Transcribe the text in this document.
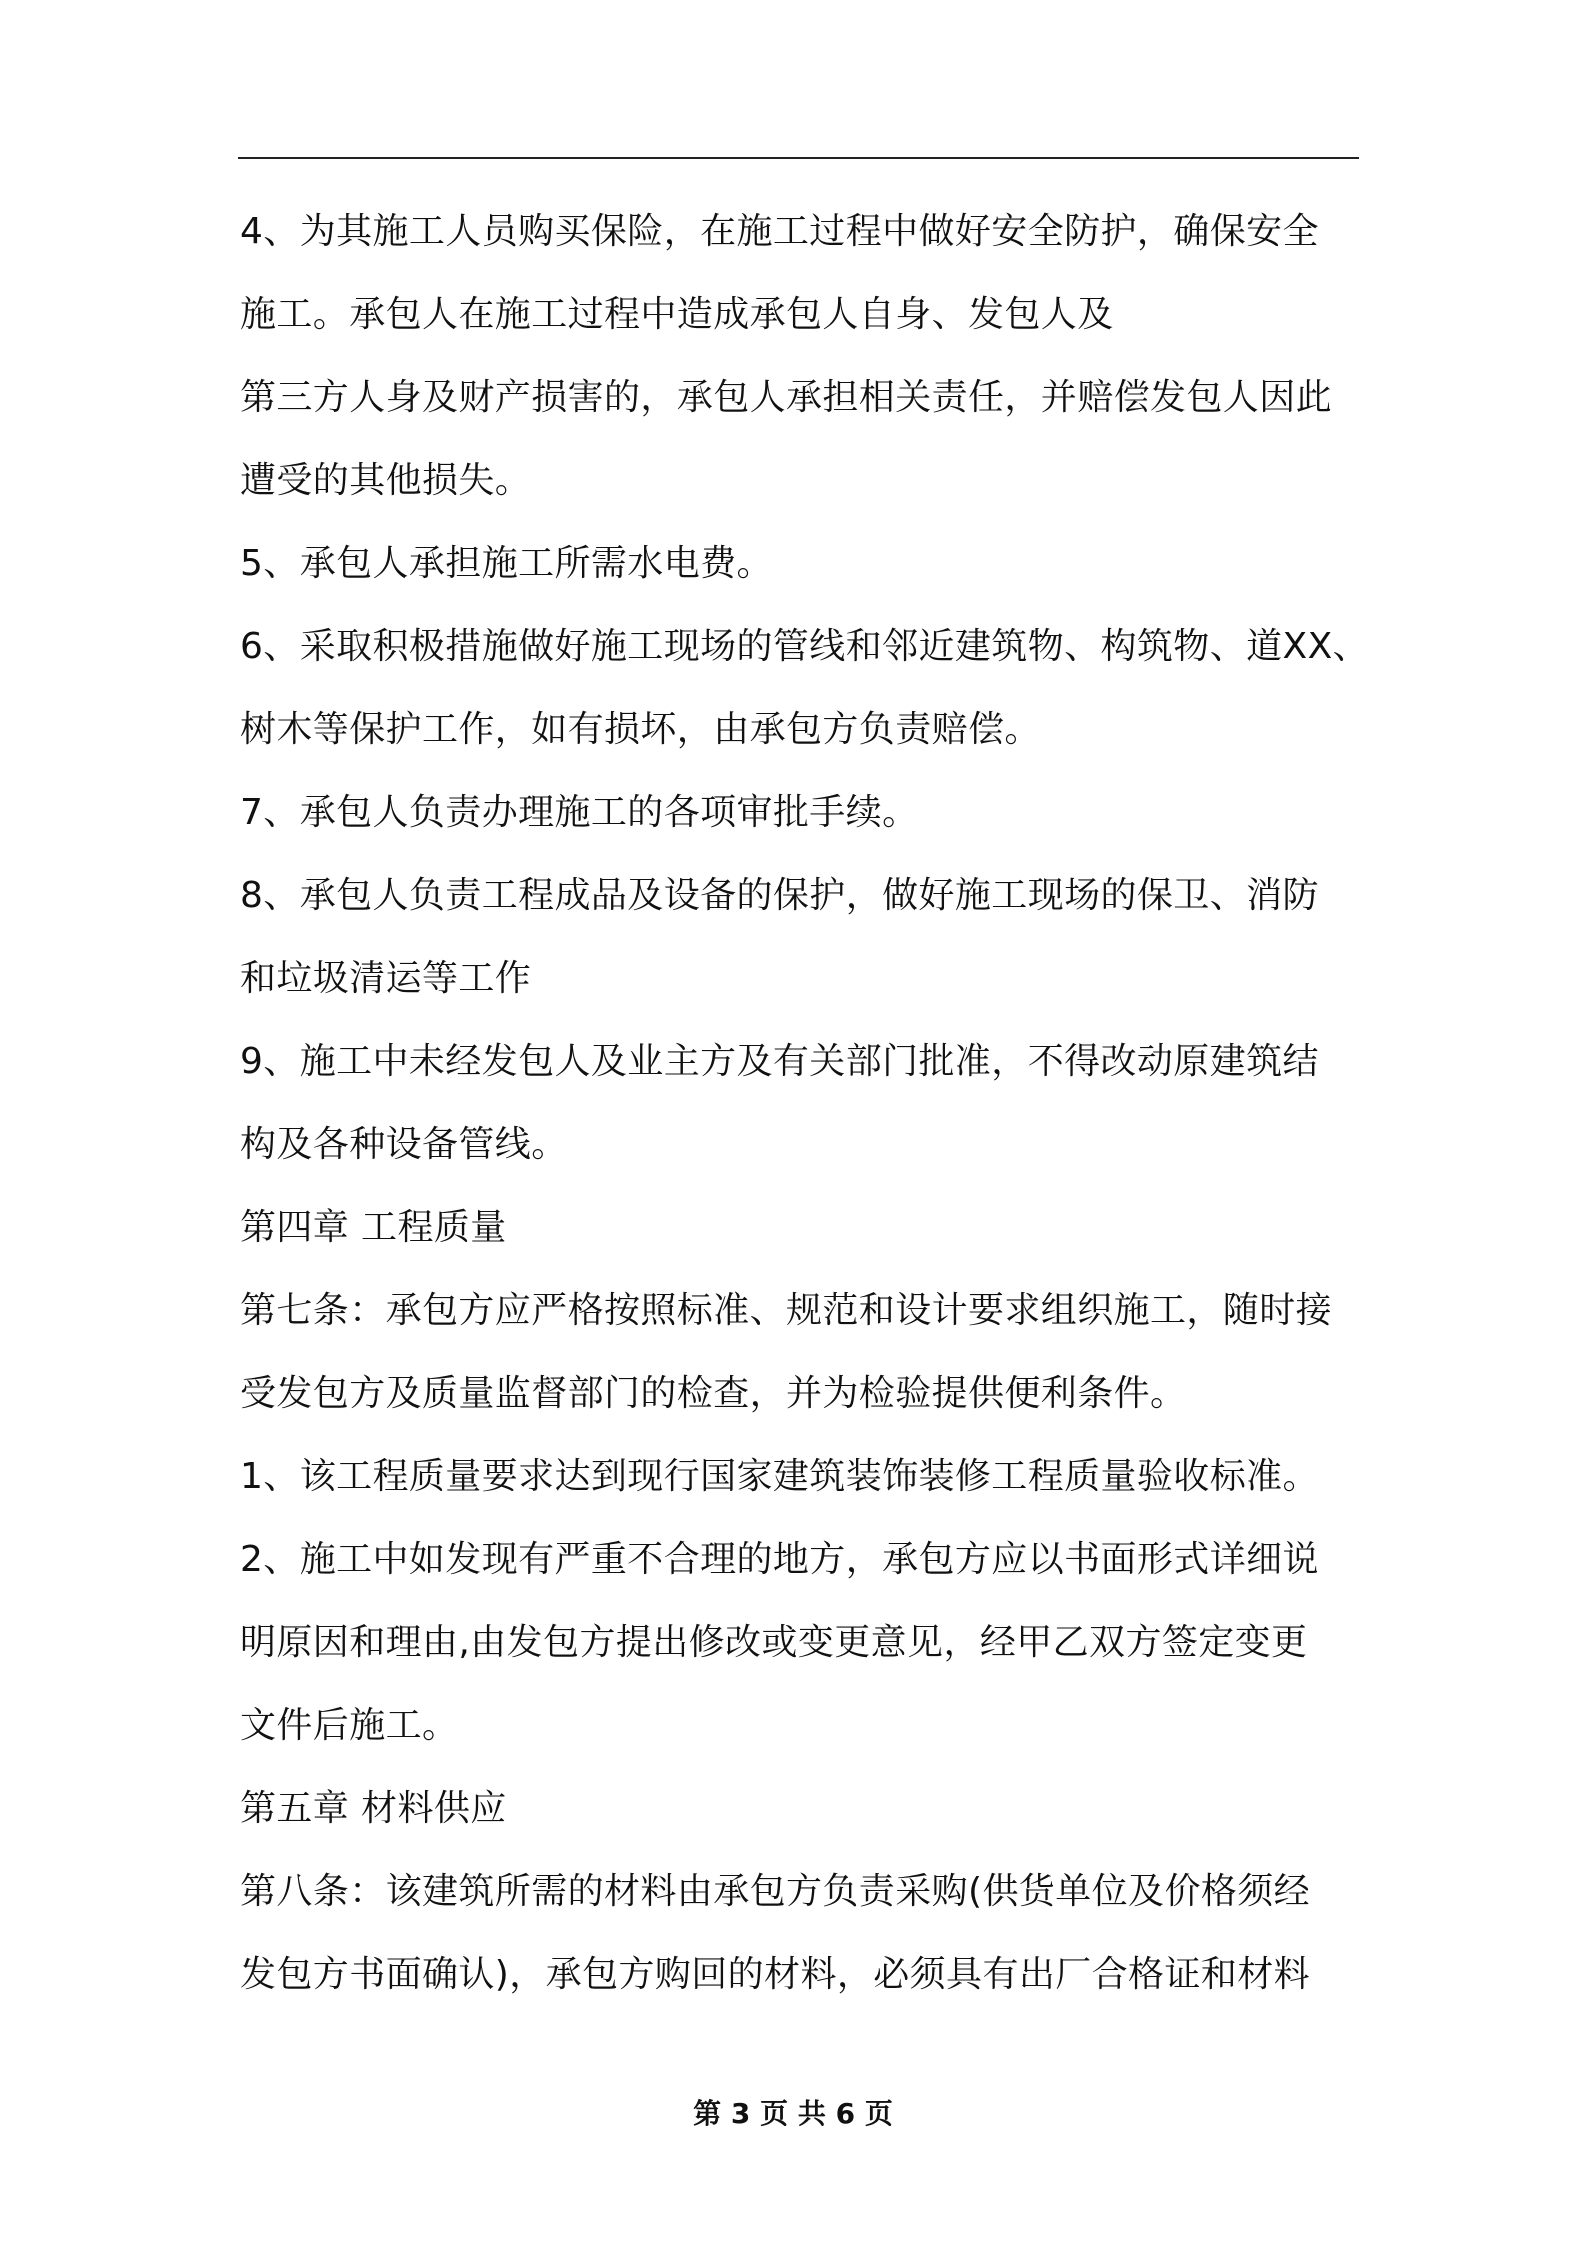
4、为其施工人员购买保险，在施工过程中做好安全防护，确保安全
施工。承包人在施工过程中造成承包人自身、发包人及
第三方人身及财产损害的，承包人承担相关责任，并赔偿发包人因此
遭受的其他损失。
5、承包人承担施工所需水电费。
6、采取积极措施做好施工现场的管线和邻近建筑物、构筑物、道XX、
树木等保护工作，如有损坏，由承包方负责赔偿。
7、承包人负责办理施工的各项审批手续。
8、承包人负责工程成品及设备的保护，做好施工现场的保卫、消防
和垃圾清运等工作
9、施工中未经发包人及业主方及有关部门批准，不得改动原建筑结
构及各种设备管线。
第四章 工程质量
第七条：承包方应严格按照标准、规范和设计要求组织施工，随时接
受发包方及质量监督部门的检查，并为检验提供便利条件。
1、该工程质量要求达到现行国家建筑装饰装修工程质量验收标准。
2、施工中如发现有严重不合理的地方，承包方应以书面形式详细说
明原因和理由,由发包方提出修改或变更意见，经甲乙双方签定变更
文件后施工。
第五章 材料供应
第八条：该建筑所需的材料由承包方负责采购(供货单位及价格须经
发包方书面确认)，承包方购回的材料，必须具有出厂合格证和材料
第 3 页 共 6 页
